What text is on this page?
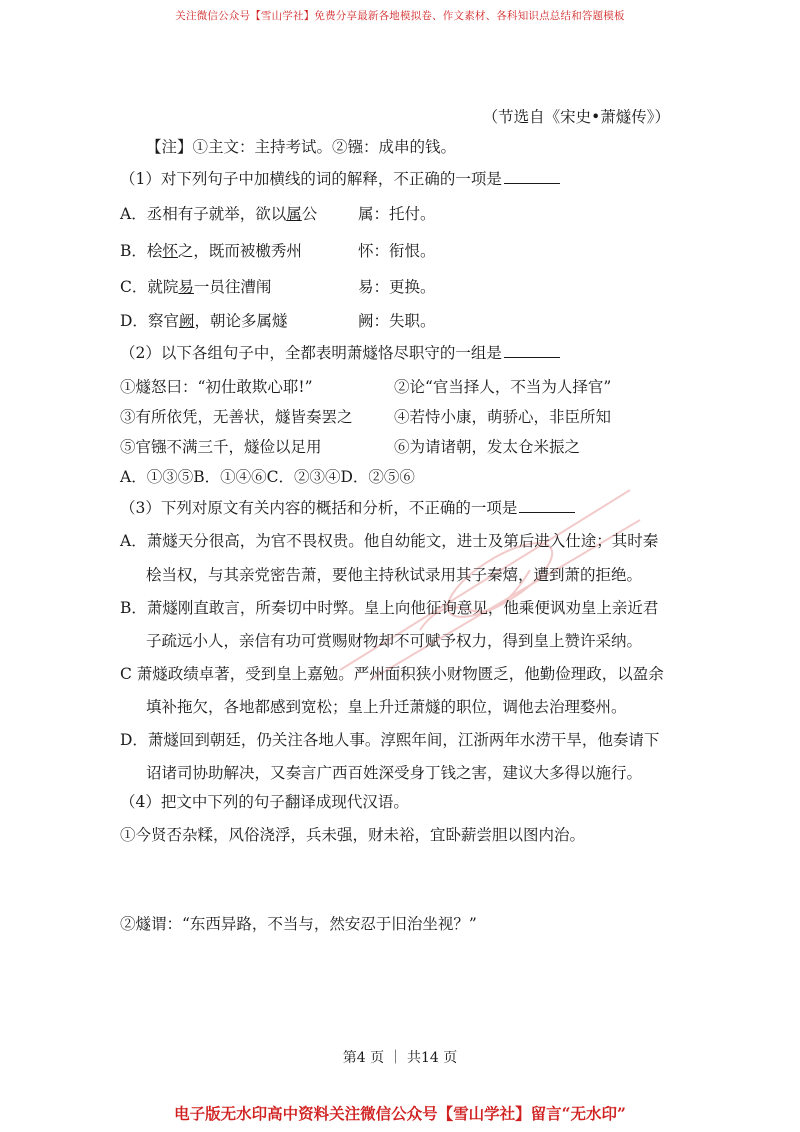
关注微信公众号【雪山学社】免费分享最新各地模拟卷、作文素材、各科知识点总结和答题模板
（节选自《宋史•萧燧传》）
【注】①主文：主持考试。②镪：成串的钱。
（1）对下列句子中加横线的词的解释，不正确的一项是
A．丞相有子就举，欲以属公	属：托付。
B．桧怀之，既而被檄秀州	怀：衔恨。
C．就院易一员往漕闱	易：更换。
D．察官阙，朝论多属燧	阙：失职。
（2）以下各组句子中，全都表明萧燧恪尽职守的一组是
①燧怒曰：“初仕敢欺心耶!”	②论“官当择人，不当为人择官”
③有所依凭，无善状，燧皆奏罢之	④若恃小康，萌骄心，非臣所知
⑤官镪不满三千，燧俭以足用	⑥为请诸朝，发太仓米振之
A．①③⑤B．①④⑥C．②③④D．②⑤⑥
（3）下列对原文有关内容的概括和分析，不正确的一项是
A．萧燧天分很高，为官不畏权贵。他自幼能文，进士及第后进入仕途；其时秦
桧当权，与其亲党密告萧，要他主持秋试录用其子秦熺，遭到萧的拒绝。
B．萧燧刚直敢言，所奏切中时弊。皇上向他征询意见，他乘便讽劝皇上亲近君
子疏远小人，亲信有功可赏赐财物却不可赋予权力，得到皇上赞许采纳。
C 萧燧政绩卓著，受到皇上嘉勉。严州面积狭小财物匮乏，他勤俭理政，以盈余
填补拖欠，各地都感到宽松；皇上升迁萧燧的职位，调他去治理婺州。
D．萧燧回到朝廷，仍关注各地人事。淳熙年间，江浙两年水涝干旱，他奏请下
诏诸司协助解决，又奏言广西百姓深受身丁钱之害，建议大多得以施行。
（4）把文中下列的句子翻译成现代汉语。
①今贤否杂糅，风俗浇浮，兵未强，财未裕，宜卧薪尝胆以图内治。
②燧谓：“东西异路，不当与，然安忍于旧治坐视？”
第4 页 ｜ 共14 页
电子版无水印高中资料关注微信公众号【雪山学社】留言“无水印”
